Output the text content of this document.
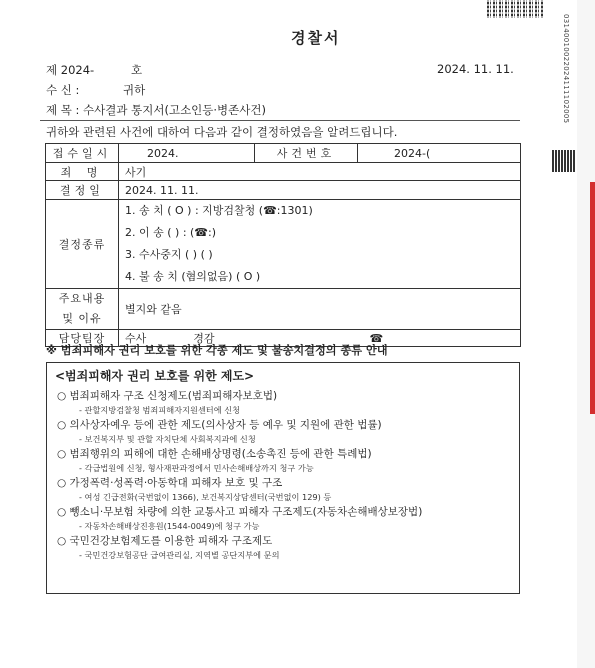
03140010022024111102005
경찰서
제 2024-	호	2024. 11. 11.
수 신 :	귀하
제 목 : 수사결과 통지서(고소인등·병존사건)
귀하와 관련된 사건에 대하여 다음과 같이 결정하였음을 알려드립니다.
접수일시	2024.	사건번호	2024-(
죄 명	사기		
결정일	2024. 11. 11.		
결정종류	1. 송 치 ( O ) : 지방검찰청 (☎:1301)
2. 이 송 ( ) : (☎:)
3. 수사중지 ( ) ( )
4. 불 송 치 (혐의없음) ( O )		

주요내용
및 이유	별지와 같음		
담당팀장	수사 경감 ☎		
※ 범죄피해자 권리 보호를 위한 각종 제도 및 불송치결정의 종류 안내
<범죄피해자 권리 보호를 위한 제도>
○ 범죄피해자 구조 신청제도(범죄피해자보호법)
- 관할지방검찰청 범죄피해자지원센터에 신청
○ 의사상자예우 등에 관한 제도(의사상자 등 예우 및 지원에 관한 법률)
- 보건복지부 및 관할 자치단체 사회복지과에 신청
○ 범죄행위의 피해에 대한 손해배상명령(소송촉진 등에 관한 특례법)
- 각급법원에 신청, 형사재판과정에서 민사손해배상까지 청구 가능
○ 가정폭력·성폭력·아동학대 피해자 보호 및 구조
- 여성 긴급전화(국번없이 1366), 보건복지상담센터(국번없이 129) 등
○ 뺑소니·무보험 차량에 의한 교통사고 피해자 구조제도(자동차손해배상보장법)
- 자동차손해배상진흥원(1544-0049)에 청구 가능
○ 국민건강보험제도를 이용한 피해자 구조제도
- 국민건강보험공단 급여관리실, 지역별 공단지부에 문의
